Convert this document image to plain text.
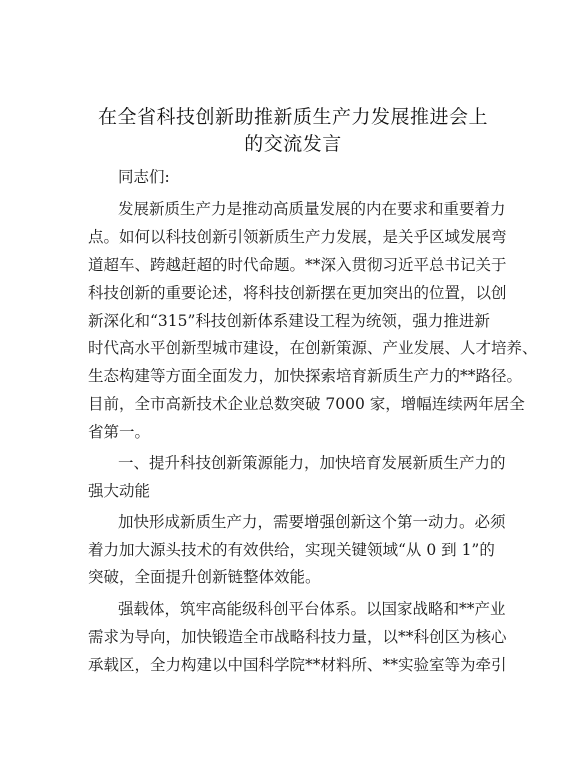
在全省科技创新助推新质生产力发展推进会上
的交流发言
同志们:
发展新质生产力是推动高质量发展的内在要求和重要着力
点。如何以科技创新引领新质生产力发展，是关乎区域发展弯
道超车、跨越赶超的时代命题。**深入贯彻习近平总书记关于
科技创新的重要论述，将科技创新摆在更加突出的位置，以创
新深化和“315”科技创新体系建设工程为统领，强力推进新
时代高水平创新型城市建设，在创新策源、产业发展、人才培养、
生态构建等方面全面发力，加快探索培育新质生产力的**路径。
目前，全市高新技术企业总数突破 7000 家，增幅连续两年居全
省第一。
一、提升科技创新策源能力，加快培育发展新质生产力的
强大动能
加快形成新质生产力，需要增强创新这个第一动力。必须
着力加大源头技术的有效供给，实现关键领域“从 0 到 1”的
突破，全面提升创新链整体效能。
强载体，筑牢高能级科创平台体系。以国家战略和**产业
需求为导向，加快锻造全市战略科技力量，以**科创区为核心
承载区，全力构建以中国科学院**材料所、**实验室等为牵引
